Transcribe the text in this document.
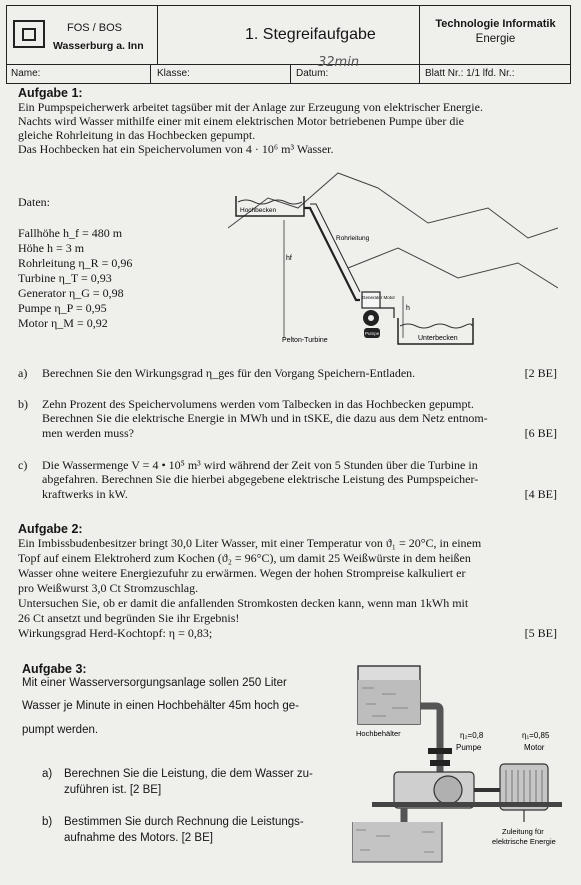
FOS / BOS
Wasserburg a. Inn
1. Stegreifaufgabe
Technologie Informatik
Energie
32min
Name:	Klasse:	Datum:	Blatt Nr.: 1/1 lfd. Nr.:
Aufgabe 1:
Ein Pumpspeicherwerk arbeitet tagsüber mit der Anlage zur Erzeugung von elektrischer Energie.
Nachts wird Wasser mithilfe einer mit einem elektrischen Motor betriebenen Pumpe über die
gleiche Rohrleitung in das Hochbecken gepumpt.
Das Hochbecken hat ein Speichervolumen von 4 · 10⁶ m³ Wasser.
Daten:
Fallhöhe h_f = 480 m
Höhe h = 3 m
Rohrleitung η_R = 0,96
Turbine η_T = 0,93
Generator η_G = 0,98
Pumpe η_P = 0,95
Motor η_M = 0,92
Hochbecken
Rohrleitung
hf
Generator Motor
Pumpe
Pelton-Turbine
h
Unterbecken
a) Berechnen Sie den Wirkungsgrad η_ges für den Vorgang Speichern-Entladen.	[2 BE]
b) Zehn Prozent des Speichervolumens werden vom Talbecken in das Hochbecken gepumpt.
Berechnen Sie die elektrische Energie in MWh und in tSKE, die dazu aus dem Netz entnom-
men werden muss?	[6 BE]
c) Die Wassermenge V = 4 • 10⁵ m³ wird während der Zeit von 5 Stunden über die Turbine in
abgefahren. Berechnen Sie die hierbei abgegebene elektrische Leistung des Pumpspeicher-
kraftwerks in kW.	[4 BE]
Aufgabe 2:
Ein Imbissbudenbesitzer bringt 30,0 Liter Wasser, mit einer Temperatur von ϑ₁ = 20°C, in einem
Topf auf einem Elektroherd zum Kochen (ϑ₂ = 96°C), um damit 25 Weißwürste in dem heißen
Wasser ohne weitere Energiezufuhr zu erwärmen. Wegen der hohen Strompreise kalkuliert er
pro Weißwurst 3,0 Ct Stromzuschlag.
Untersuchen Sie, ob er damit die anfallenden Stromkosten decken kann, wenn man 1kWh mit
26 Ct ansetzt und begründen Sie ihr Ergebnis!
Wirkungsgrad Herd-Kochtopf: η = 0,83;	[5 BE]
Aufgabe 3:
Mit einer Wasserversorgungsanlage sollen 250 Liter
Wasser je Minute in einen Hochbehälter 45m hoch ge-
pumpt werden.
a) Berechnen Sie die Leistung, die dem Wasser zu-
zuführen ist. [2 BE]
b) Bestimmen Sie durch Rechnung die Leistungs-
aufnahme des Motors. [2 BE]
Hochbehälter	η₂=0,8
Pumpe
η₁=0,85
Motor
Zuleitung für
elektrische Energie
